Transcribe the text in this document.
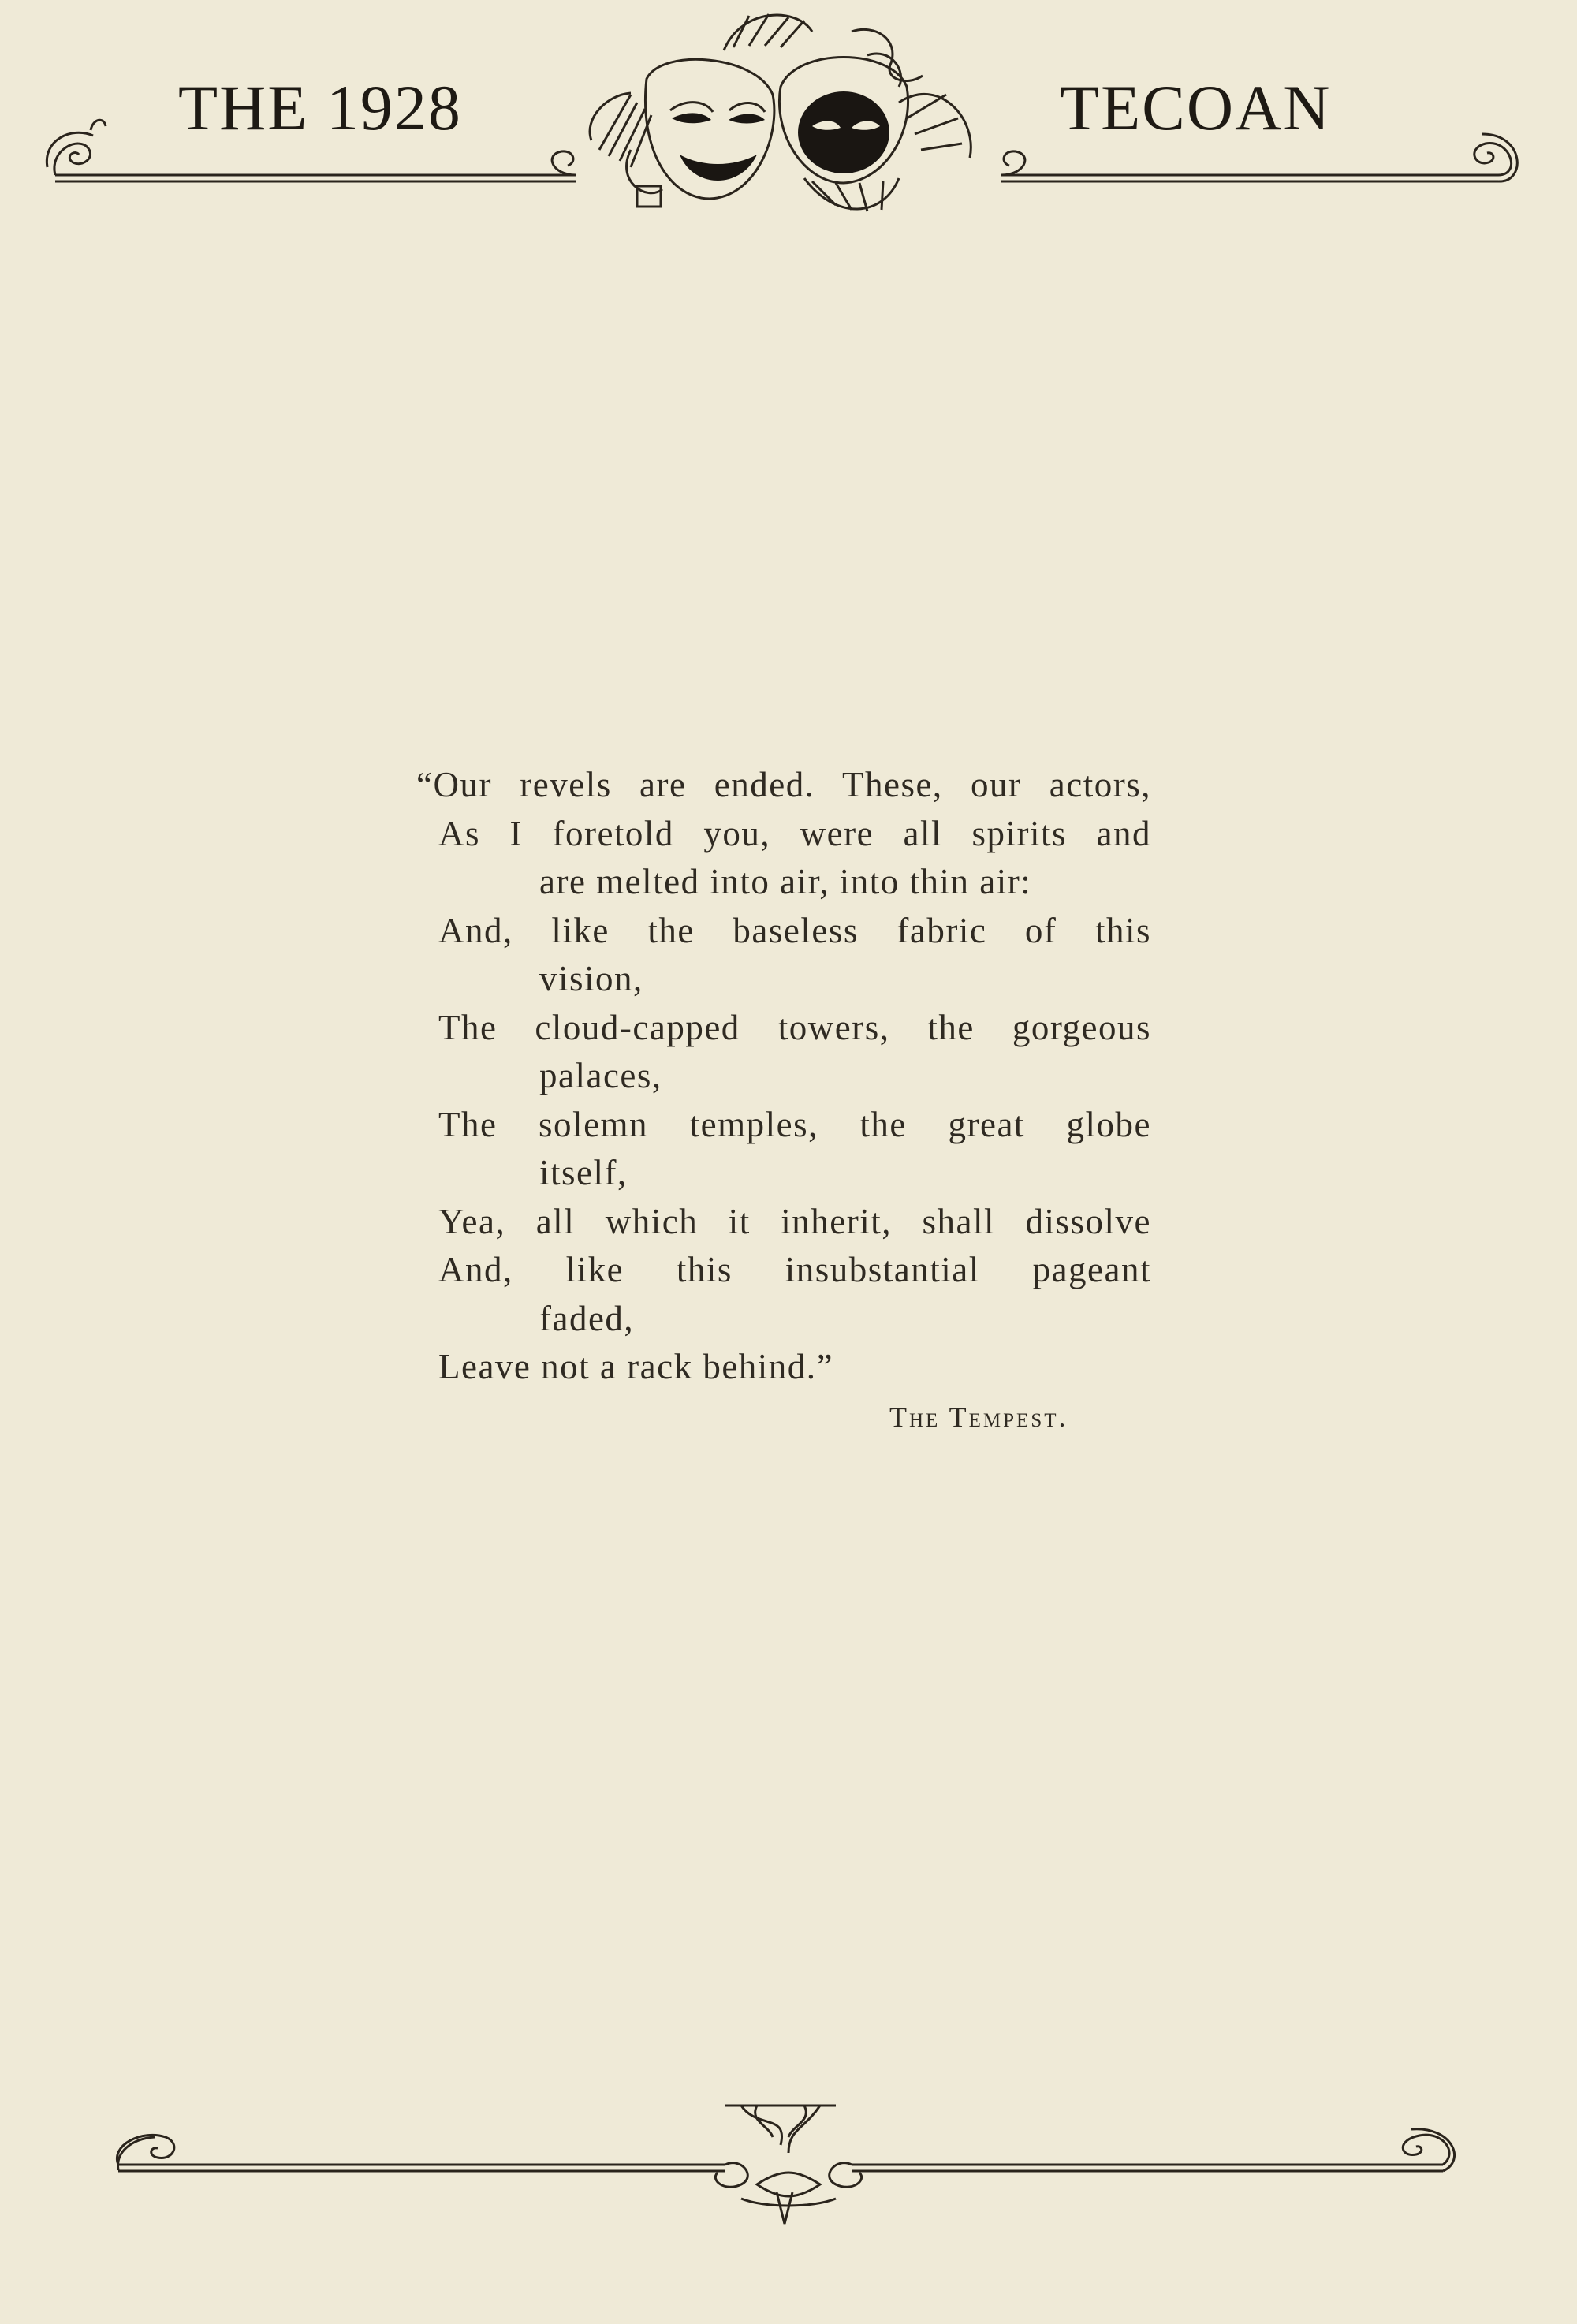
THE 1928	TECOAN
“Our revels are ended. These, our actors,
As I foretold you, were all spirits and
are melted into air, into thin air:
And, like the baseless fabric of this
vision,
The cloud-capped towers, the gorgeous
palaces,
The solemn temples, the great globe
itself,
Yea, all which it inherit, shall dissolve
And, like this insubstantial pageant
faded,
Leave not a rack behind.”
The Tempest.
